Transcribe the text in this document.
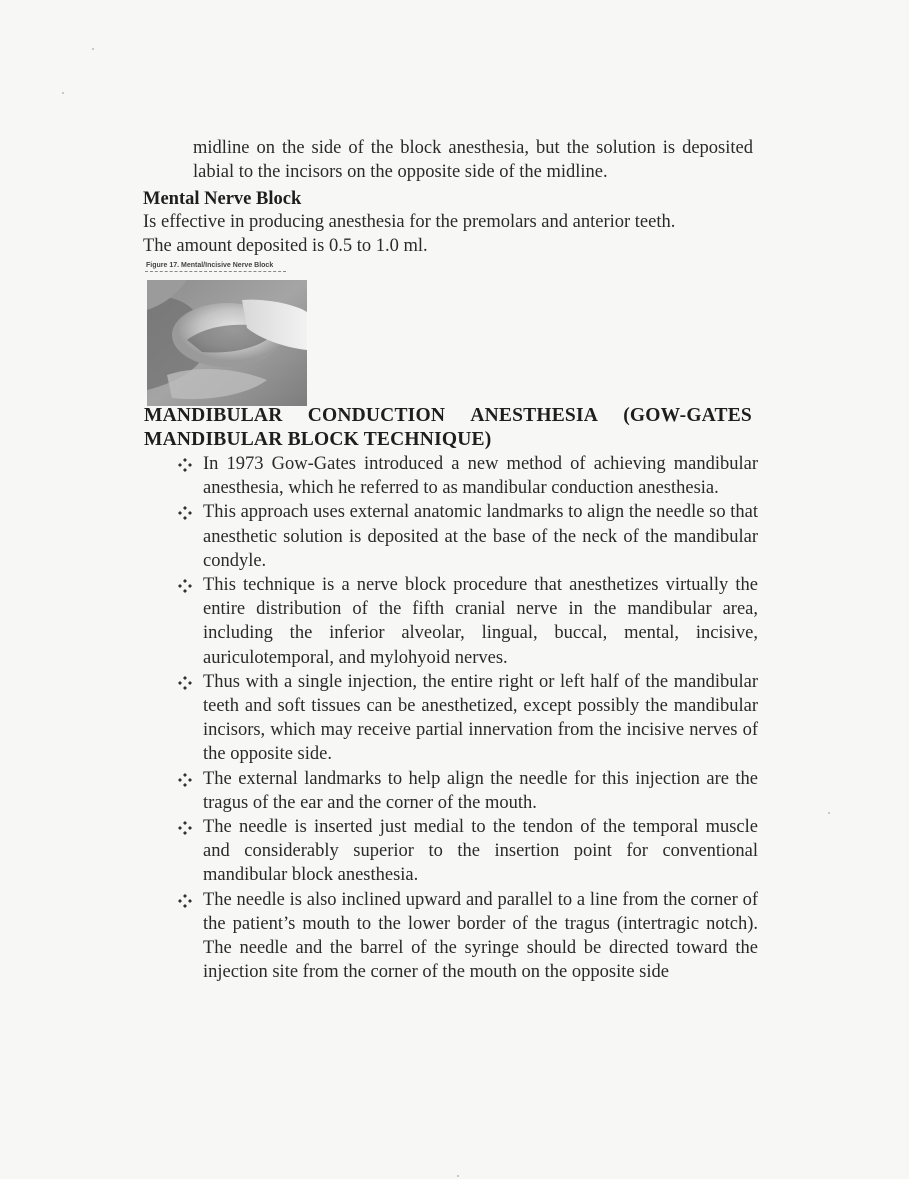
midline on the side of the block anesthesia, but the solution is deposited labial to the incisors on the opposite side of the midline.
Mental Nerve Block
Is effective in producing anesthesia for the premolars and anterior teeth.
The amount deposited is 0.5 to 1.0 ml.
Figure 17. Mental/Incisive Nerve Block
MANDIBULAR CONDUCTION ANESTHESIA (GOW-GATES
MANDIBULAR BLOCK TECHNIQUE)
In 1973 Gow-Gates introduced a new method of achieving mandibular anesthesia, which he referred to as mandibular conduction anesthesia.
This approach uses external anatomic landmarks to align the needle so that anesthetic solution is deposited at the base of the neck of the mandibular condyle.
This technique is a nerve block procedure that anesthetizes virtually the entire distribution of the fifth cranial nerve in the mandibular area, including the inferior alveolar, lingual, buccal, mental, incisive, auriculotemporal, and mylohyoid nerves.
Thus with a single injection, the entire right or left half of the mandibular teeth and soft tissues can be anesthetized, except possibly the mandibular incisors, which may receive partial innervation from the incisive nerves of the opposite side.
The external landmarks to help align the needle for this injection are the tragus of the ear and the corner of the mouth.
The needle is inserted just medial to the tendon of the temporal muscle and considerably superior to the insertion point for conventional mandibular block anesthesia.
The needle is also inclined upward and parallel to a line from the corner of the patient’s mouth to the lower border of the tragus (intertragic notch). The needle and the barrel of the syringe should be directed toward the injection site from the corner of the mouth on the opposite side
